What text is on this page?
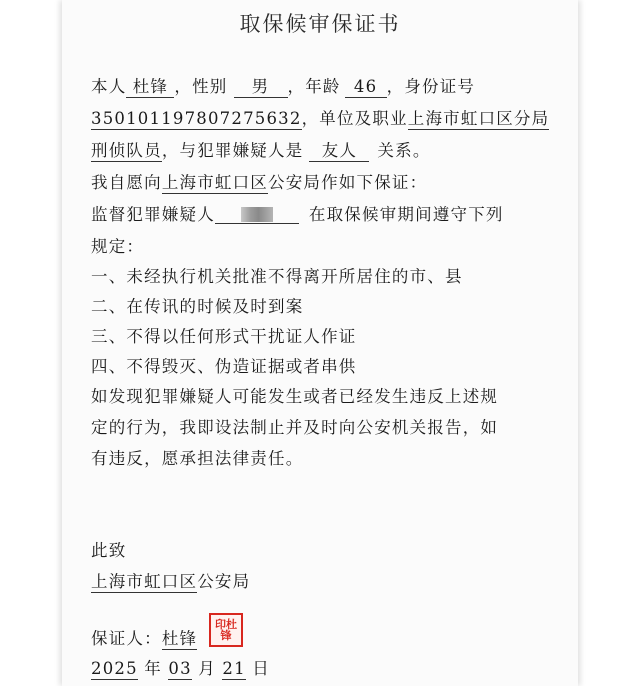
取保候审保证书
本人 杜锋 ，性别 男 ，年龄 46 ，身份证号
350101197807275632，单位及职业上海市虹口区分局
刑侦队员，与犯罪嫌疑人是 友人 关系。
我自愿向上海市虹口区公安局作如下保证：
监督犯罪嫌疑人	在取保候审期间遵守下列
规定：
一、未经执行机关批准不得离开所居住的市、县
二、在传讯的时候及时到案
三、不得以任何形式干扰证人作证
四、不得毁灭、伪造证据或者串供
如发现犯罪嫌疑人可能发生或者已经发生违反上述规
定的行为，我即设法制止并及时向公安机关报告，如
有违反，愿承担法律责任。
此致
上海市虹口区公安局
保证人：杜锋
印杜锋
2025 年 03 月 21 日
